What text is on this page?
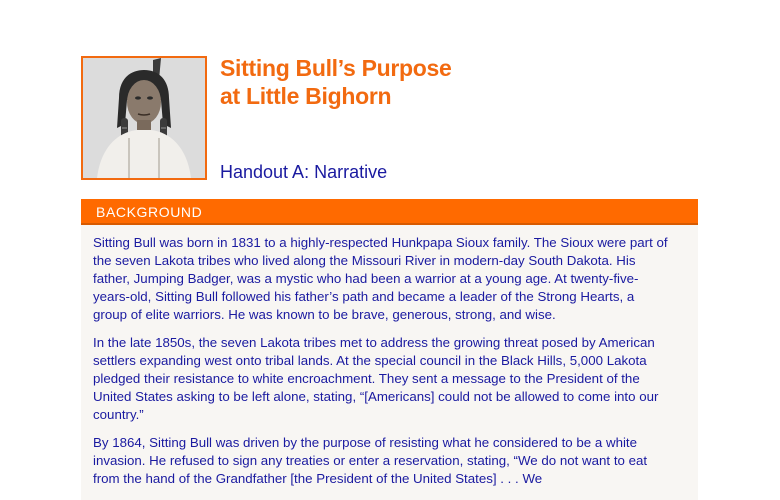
Sitting Bull’s Purpose
at Little Bighorn
Handout A: Narrative
BACKGROUND

Sitting Bull was born in 1831 to a highly-respected Hunkpapa Sioux family. The Sioux were part of the seven Lakota tribes who lived along the Missouri River in modern-day South Dakota. His father, Jumping Badger, was a mystic who had been a warrior at a young age. At twenty-five-years-old, Sitting Bull followed his father’s path and became a leader of the Strong Hearts, a group of elite warriors. He was known to be brave, generous, strong, and wise.

In the late 1850s, the seven Lakota tribes met to address the growing threat posed by American settlers expanding west onto tribal lands. At the special council in the Black Hills, 5,000 Lakota pledged their resistance to white encroachment. They sent a message to the President of the United States asking to be left alone, stating, “[Americans] could not be allowed to come into our country.”

By 1864, Sitting Bull was driven by the purpose of resisting what he considered to be a white invasion. He refused to sign any treaties or enter a reservation, stating, “We do not want to eat from the hand of the Grandfather [the President of the United States] . . . We
